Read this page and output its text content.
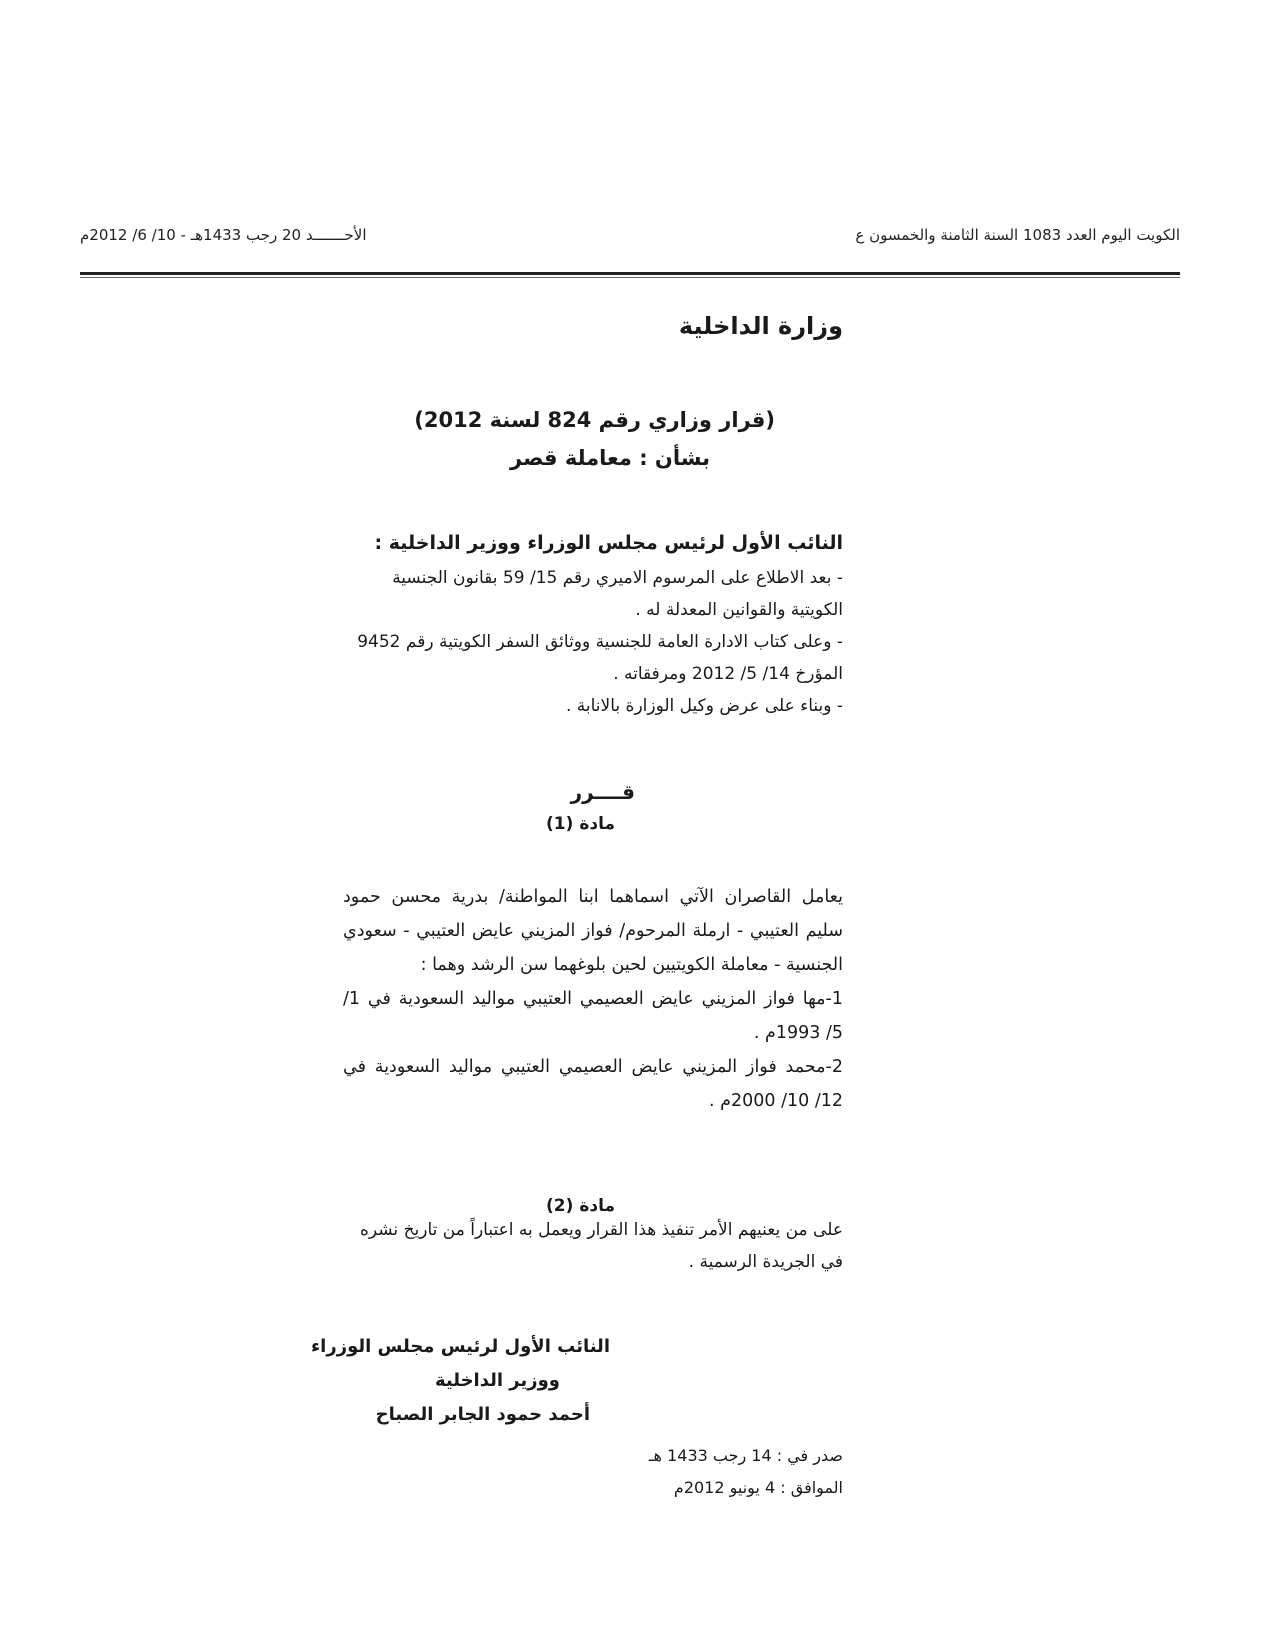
الكويت اليوم العدد 1083 السنة الثامنة والخمسون ع
الأحـــــــد 20 رجب 1433هـ - 10/ 6/ 2012م
وزارة الداخلية
(قرار وزاري رقم 824 لسنة 2012)
بشأن : معاملة قصر
النائب الأول لرئيس مجلس الوزراء ووزير الداخلية :

- بعد الاطلاع على المرسوم الاميري رقم 15/ 59 بقانون الجنسية الكويتية والقوانين المعدلة له .

- وعلى كتاب الادارة العامة للجنسية ووثائق السفر الكويتية رقم 9452 المؤرخ 14/ 5/ 2012 ومرفقاته .

- وبناء على عرض وكيل الوزارة بالانابة .

قــــرر
مادة (1)

يعامل القاصران الآتي اسماهما ابنا المواطنة/ بدرية محسن حمود سليم العتيبي - ارملة المرحوم/ فواز المزيني عايض العتيبي - سعودي الجنسية - معاملة الكويتيين لحين بلوغهما سن الرشد وهما :

1-مها فواز المزيني عايض العصيمي العتيبي مواليد السعودية في 1/ 5/ 1993م .

2-محمد فواز المزيني عايض العصيمي العتيبي مواليد السعودية في 12/ 10/ 2000م .

مادة (2)

على من يعنيهم الأمر تنفيذ هذا القرار ويعمل به اعتباراً من تاريخ نشره في الجريدة الرسمية .

النائب الأول لرئيس مجلس الوزراء
ووزير الداخلية
أحمد حمود الجابر الصباح
صدر في : 14 رجب 1433 هـ
الموافق : 4 يونيو 2012م
